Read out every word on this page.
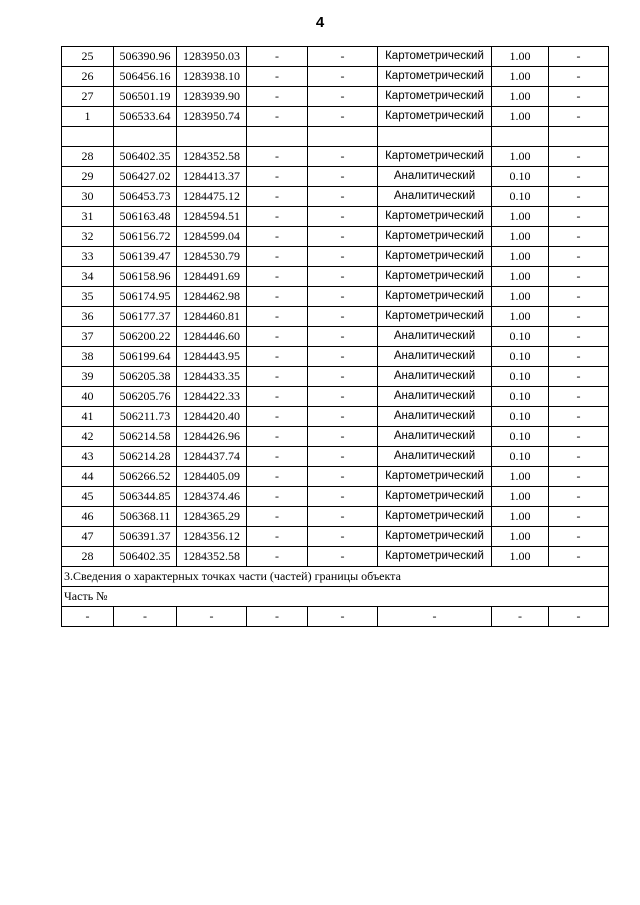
4
25	506390.96	1283950.03	-	-	Картометрический	1.00	-
26	506456.16	1283938.10	-	-	Картометрический	1.00	-
27	506501.19	1283939.90	-	-	Картометрический	1.00	-
1	506533.64	1283950.74	-	-	Картометрический	1.00	-

28	506402.35	1284352.58	-	-	Картометрический	1.00	-
29	506427.02	1284413.37	-	-	Аналитический	0.10	-
30	506453.73	1284475.12	-	-	Аналитический	0.10	-
31	506163.48	1284594.51	-	-	Картометрический	1.00	-
32	506156.72	1284599.04	-	-	Картометрический	1.00	-
33	506139.47	1284530.79	-	-	Картометрический	1.00	-
34	506158.96	1284491.69	-	-	Картометрический	1.00	-
35	506174.95	1284462.98	-	-	Картометрический	1.00	-
36	506177.37	1284460.81	-	-	Картометрический	1.00	-
37	506200.22	1284446.60	-	-	Аналитический	0.10	-
38	506199.64	1284443.95	-	-	Аналитический	0.10	-
39	506205.38	1284433.35	-	-	Аналитический	0.10	-
40	506205.76	1284422.33	-	-	Аналитический	0.10	-
41	506211.73	1284420.40	-	-	Аналитический	0.10	-
42	506214.58	1284426.96	-	-	Аналитический	0.10	-
43	506214.28	1284437.74	-	-	Аналитический	0.10	-
44	506266.52	1284405.09	-	-	Картометрический	1.00	-
45	506344.85	1284374.46	-	-	Картометрический	1.00	-
46	506368.11	1284365.29	-	-	Картометрический	1.00	-
47	506391.37	1284356.12	-	-	Картометрический	1.00	-
28	506402.35	1284352.58	-	-	Картометрический	1.00	-
3.Сведения о характерных точках части (частей) границы объекта							
Часть №							
-	-	-	-	-	-	-	-
